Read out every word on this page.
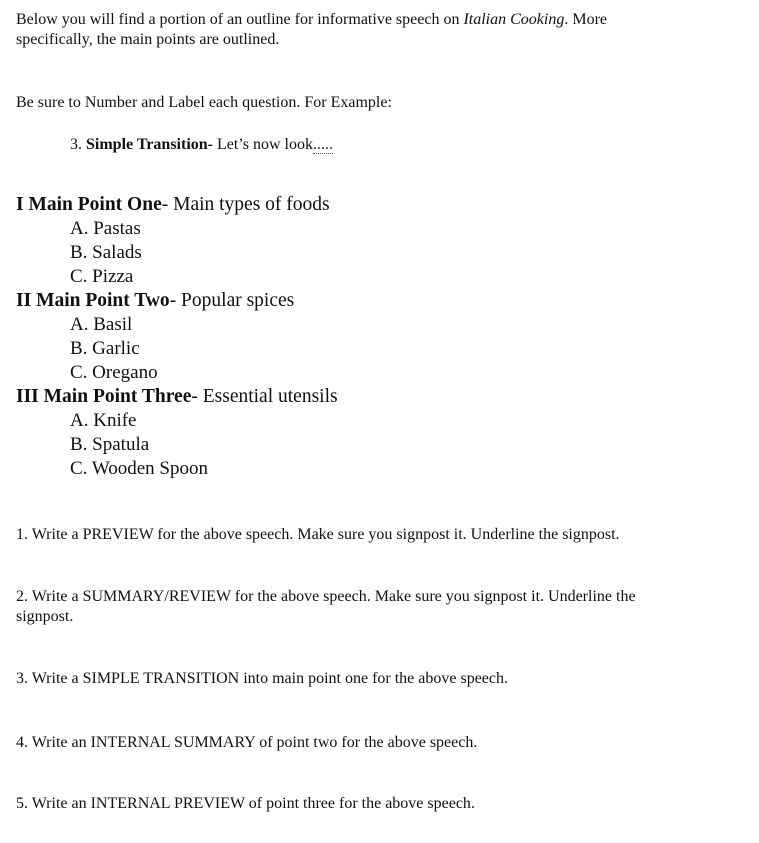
Below you will find a portion of an outline for informative speech on Italian Cooking. More
specifically, the main points are outlined.
Be sure to Number and Label each question. For Example:
3. Simple Transition- Let’s now look.....
I Main Point One- Main types of foods
A. Pastas
B. Salads
C. Pizza
II Main Point Two- Popular spices
A. Basil
B. Garlic
C. Oregano
III Main Point Three- Essential utensils
A. Knife
B. Spatula
C. Wooden Spoon
1. Write a PREVIEW for the above speech. Make sure you signpost it. Underline the signpost.
2. Write a SUMMARY/REVIEW for the above speech. Make sure you signpost it. Underline the
signpost.
3. Write a SIMPLE TRANSITION into main point one for the above speech.
4. Write an INTERNAL SUMMARY of point two for the above speech.
5. Write an INTERNAL PREVIEW of point three for the above speech.
